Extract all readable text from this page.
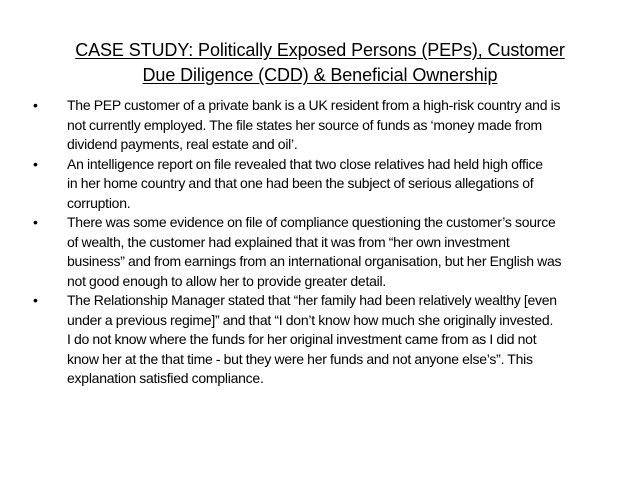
CASE STUDY: Politically Exposed Persons (PEPs), Customer
Due Diligence (CDD) & Beneficial Ownership
•	The PEP customer of a private bank is a UK resident from a high-risk country and is
not currently employed. The file states her source of funds as ‘money made from
dividend payments, real estate and oil’.
•	An intelligence report on file revealed that two close relatives had held high office
in her home country and that one had been the subject of serious allegations of
corruption.
•	There was some evidence on file of compliance questioning the customer’s source
of wealth, the customer had explained that it was from “her own investment
business” and from earnings from an international organisation, but her English was
not good enough to allow her to provide greater detail.
•	The Relationship Manager stated that “her family had been relatively wealthy [even
under a previous regime]” and that “I don’t know how much she originally invested.
I do not know where the funds for her original investment came from as I did not
know her at the that time - but they were her funds and not anyone else’s”. This
explanation satisfied compliance.
